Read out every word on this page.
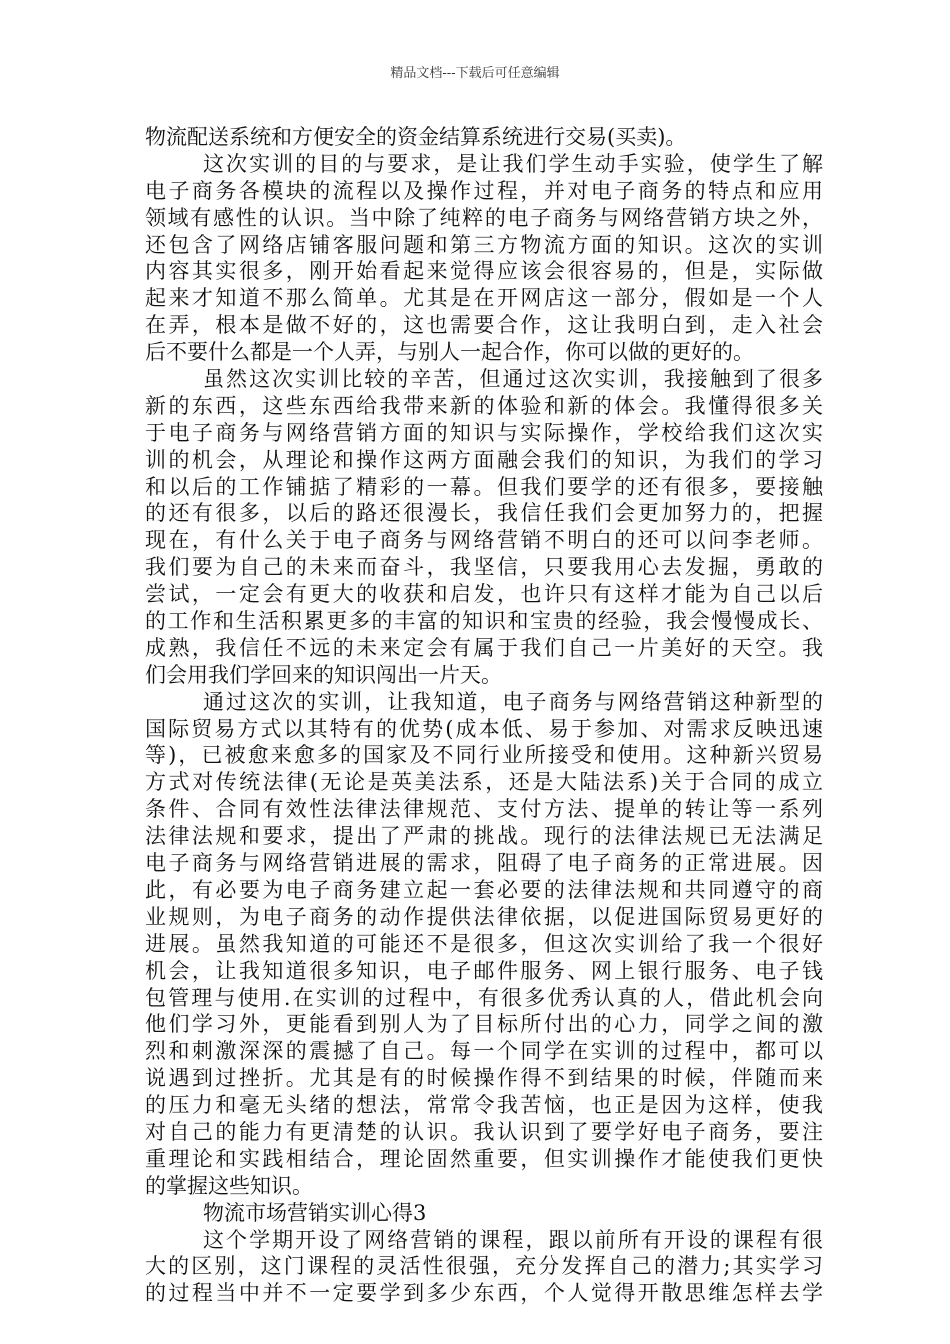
精品文档---下载后可任意编辑
物流配送系统和方便安全的资金结算系统进行交易(买卖)。
这次实训的目的与要求，是让我们学生动手实验，使学生了解
电子商务各模块的流程以及操作过程，并对电子商务的特点和应用
领域有感性的认识。当中除了纯粹的电子商务与网络营销方块之外，
还包含了网络店铺客服问题和第三方物流方面的知识。这次的实训
内容其实很多，刚开始看起来觉得应该会很容易的，但是，实际做
起来才知道不那么简单。尤其是在开网店这一部分，假如是一个人
在弄，根本是做不好的，这也需要合作，这让我明白到，走入社会
后不要什么都是一个人弄，与别人一起合作，你可以做的更好的。
虽然这次实训比较的辛苦，但通过这次实训，我接触到了很多
新的东西，这些东西给我带来新的体验和新的体会。我懂得很多关
于电子商务与网络营销方面的知识与实际操作，学校给我们这次实
训的机会，从理论和操作这两方面融会我们的知识，为我们的学习
和以后的工作铺掂了精彩的一幕。但我们要学的还有很多，要接触
的还有很多，以后的路还很漫长，我信任我们会更加努力的，把握
现在，有什么关于电子商务与网络营销不明白的还可以问李老师。
我们要为自己的未来而奋斗，我坚信，只要我用心去发掘，勇敢的
尝试，一定会有更大的收获和启发，也许只有这样才能为自己以后
的工作和生活积累更多的丰富的知识和宝贵的经验，我会慢慢成长、
成熟，我信任不远的未来定会有属于我们自己一片美好的天空。我
们会用我们学回来的知识闯出一片天。
通过这次的实训，让我知道，电子商务与网络营销这种新型的
国际贸易方式以其特有的优势(成本低、易于参加、对需求反映迅速
等)，已被愈来愈多的国家及不同行业所接受和使用。这种新兴贸易
方式对传统法律(无论是英美法系，还是大陆法系)关于合同的成立
条件、合同有效性法律法律规范、支付方法、提单的转让等一系列
法律法规和要求，提出了严肃的挑战。现行的法律法规已无法满足
电子商务与网络营销进展的需求，阻碍了电子商务的正常进展。因
此，有必要为电子商务建立起一套必要的法律法规和共同遵守的商
业规则，为电子商务的动作提供法律依据，以促进国际贸易更好的
进展。虽然我知道的可能还不是很多，但这次实训给了我一个很好
机会，让我知道很多知识，电子邮件服务、网上银行服务、电子钱
包管理与使用.在实训的过程中，有很多优秀认真的人，借此机会向
他们学习外，更能看到别人为了目标所付出的心力，同学之间的激
烈和刺激深深的震撼了自己。每一个同学在实训的过程中，都可以
说遇到过挫折。尤其是有的时候操作得不到结果的时候，伴随而来
的压力和毫无头绪的想法，常常令我苦恼，也正是因为这样，使我
对自己的能力有更清楚的认识。我认识到了要学好电子商务，要注
重理论和实践相结合，理论固然重要，但实训操作才能使我们更快
的掌握这些知识。
物流市场营销实训心得3
这个学期开设了网络营销的课程，跟以前所有开设的课程有很
大的区别，这门课程的灵活性很强，充分发挥自己的潜力;其实学习
的过程当中并不一定要学到多少东西，个人觉得开散思维怎样去学
